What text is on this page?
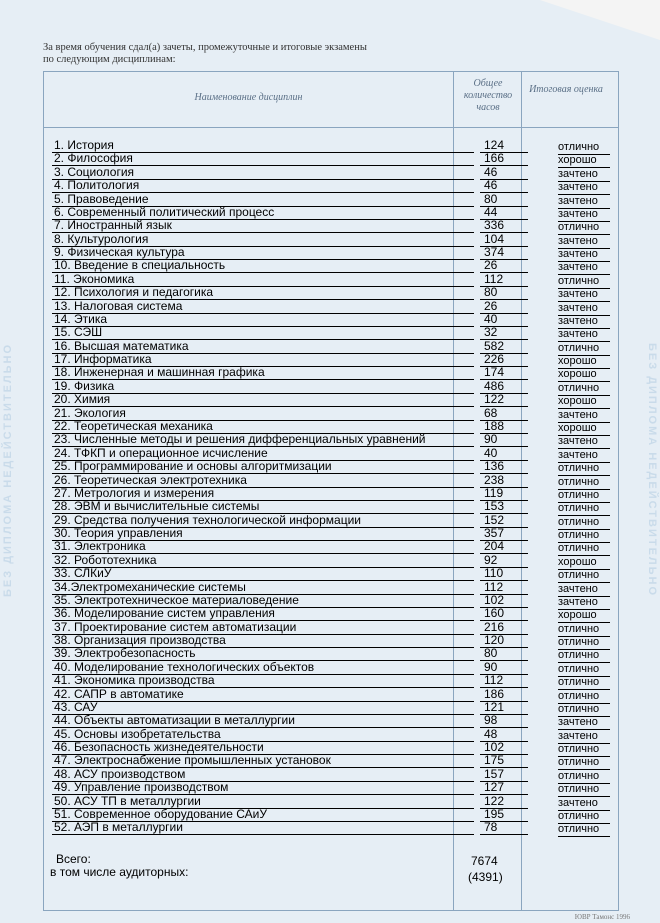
БЕЗ ДИПЛОМА НЕДЕЙСТВИТЕЛЬНО	БЕЗ ДИПЛОМА НЕДЕЙСТВИТЕЛЬНО
За время обучения сдал(а) зачеты, промежуточные и итоговые экзамены
по следующим дисциплинам:
Наименование дисциплин
Общее количество часов
Итоговая оценка
1. История	124	отлично
2. Философия	166	хорошо
3. Социология	46	зачтено
4. Политология	46	зачтено
5. Правоведение	80	зачтено
6. Современный политический процесс	44	зачтено
7. Иностранный язык	336	отлично
8. Культурология	104	зачтено
9. Физическая культура	374	зачтено
10. Введение в специальность	26	зачтено
11. Экономика	112	отлично
12. Психология и педагогика	80	зачтено
13. Налоговая система	26	зачтено
14. Этика	40	зачтено
15. СЭШ	32	зачтено
16. Высшая математика	582	отлично
17. Информатика	226	хорошо
18. Инженерная и машинная графика	174	хорошо
19. Физика	486	отлично
20. Химия	122	хорошо
21. Экология	68	зачтено
22. Теоретическая механика	188	хорошо
23. Численные методы и решения дифференциальных уравнений	90	зачтено
24. ТФКП и операционное исчисление	40	зачтено
25. Программирование и основы алгоритмизации	136	отлично
26. Теоретическая электротехника	238	отлично
27. Метрология и измерения	119	отлично
28. ЭВМ и вычислительные системы	153	отлично
29. Средства получения технологической информации	152	отлично
30. Теория управления	357	отлично
31. Электроника	204	отлично
32. Робототехника	92	хорошо
33. СЛКиУ	110	отлично
34.Электромеханические системы	112	зачтено
35. Электротехническое материаловедение	102	зачтено
36. Моделирование систем управления	160	хорошо
37. Проектирование систем автоматизации	216	отлично
38. Организация производства	120	отлично
39. Электробезопасность	80	отлично
40. Моделирование технологических объектов	90	отлично
41. Экономика производства	112	отлично
42. САПР в автоматике	186	отлично
43. САУ	121	отлично
44. Объекты автоматизации в металлургии	98	зачтено
45. Основы изобретательства	48	зачтено
46. Безопасность жизнедеятельности	102	отлично
47. Электроснабжение промышленных установок	175	отлично
48. АСУ производством	157	отлично
49. Управление производством	127	отлично
50. АСУ ТП в металлургии	122	зачтено
51. Современное оборудование САиУ	195	отлично
52. АЭП в металлургии	78	отлично
Всего:	7674
в том числе аудиторных:	(4391)
ЮВР Тамонс 1996
